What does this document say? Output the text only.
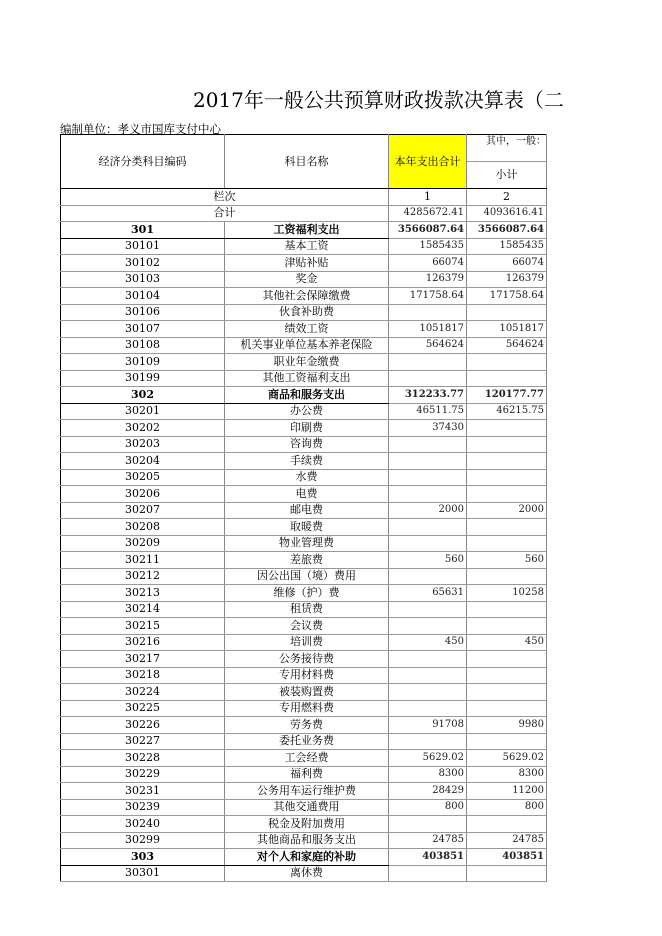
2017年一般公共预算财政拨款决算表（二
编制单位：孝义市国库支付中心
经济分类科目编码	科目名称	本年支出合计	其中，一般：
			小计
栏次		1	2
合计		4285672.41	4093616.41
301	工资福利支出	3566087.64	3566087.64
30101	基本工资	1585435	1585435
30102	津贴补贴	66074	66074
30103	奖金	126379	126379
30104	其他社会保障缴费	171758.64	171758.64
30106	伙食补助费		
30107	绩效工资	1051817	1051817
30108	机关事业单位基本养老保险	564624	564624
30109	职业年金缴费		
30199	其他工资福利支出		
302	商品和服务支出	312233.77	120177.77
30201	办公费	46511.75	46215.75
30202	印刷费	37430	
30203	咨询费		
30204	手续费		
30205	水费		
30206	电费		
30207	邮电费	2000	2000
30208	取暖费		
30209	物业管理费		
30211	差旅费	560	560
30212	因公出国（境）费用		
30213	维修（护）费	65631	10258
30214	租赁费		
30215	会议费		
30216	培训费	450	450
30217	公务接待费		
30218	专用材料费		
30224	被装购置费		
30225	专用燃料费		
30226	劳务费	91708	9980
30227	委托业务费		
30228	工会经费	5629.02	5629.02
30229	福利费	8300	8300
30231	公务用车运行维护费	28429	11200
30239	其他交通费用	800	800
30240	税金及附加费用		
30299	其他商品和服务支出	24785	24785
303	对个人和家庭的补助	403851	403851
30301	离休费		
